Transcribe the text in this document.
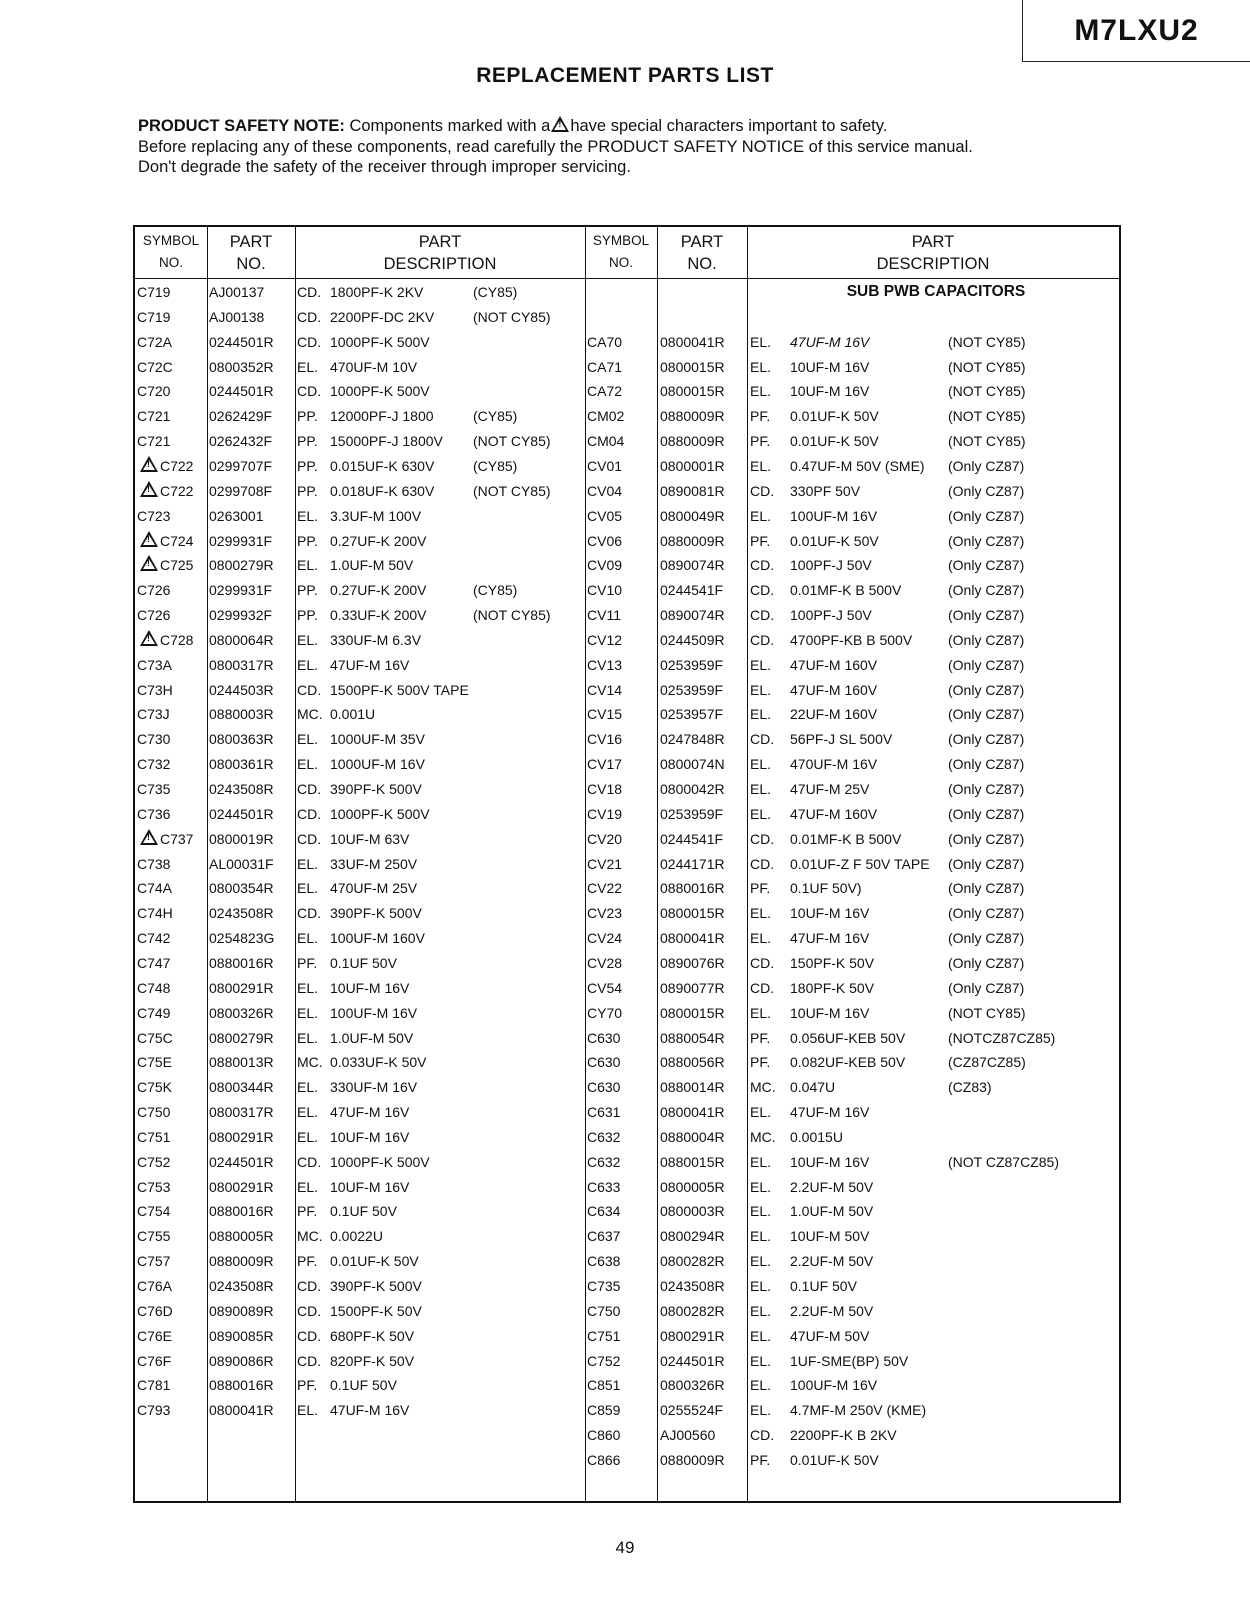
M7LXU2
REPLACEMENT PARTS LIST
PRODUCT SAFETY NOTE: Components marked with a! have special characters important to safety.
Before replacing any of these components, read carefully the PRODUCT SAFETY NOTICE of this service manual.
Don't degrade the safety of the receiver through improper servicing.
SYMBOL
NO.
PART
NO.
PART
DESCRIPTION
SYMBOL
NO.
PART
NO.
PART
DESCRIPTION
SUB PWB CAPACITORS
C719	AJ00137 CD. 1800PF-K 2KV	(CY85)
C719	AJ00138 CD. 2200PF-DC 2KV	(NOT CY85)
C72A	0244501R CD. 1000PF-K 500V
C72C	0800352R EL. 470UF-M 10V
C720	0244501R CD. 1000PF-K 500V
C721	0262429F PP. 12000PF-J 1800	(CY85)
C721	0262432F PP. 15000PF-J 1800V (NOT CY85)
!C722 0299707F PP. 0.015UF-K 630V	(CY85)
!C722 0299708F PP. 0.018UF-K 630V	(NOT CY85)
C723	0263001 EL. 3.3UF-M 100V
!C724 0299931F PP. 0.27UF-K 200V
!C725 0800279R EL. 1.0UF-M 50V
C726	0299931F PP. 0.27UF-K 200V	(CY85)
C726	0299932F PP. 0.33UF-K 200V	(NOT CY85)
!C728 0800064R EL. 330UF-M 6.3V
C73A	0800317R EL. 47UF-M 16V
C73H	0244503R CD. 1500PF-K 500V TAPE
C73J	0880003R MC. 0.001U
C730	0800363R EL. 1000UF-M 35V
C732	0800361R EL. 1000UF-M 16V
C735	0243508R CD. 390PF-K 500V
C736	0244501R CD. 1000PF-K 500V
!C737 0800019R CD. 10UF-M 63V
C738	AL00031F EL. 33UF-M 250V
C74A	0800354R EL. 470UF-M 25V
C74H	0243508R CD. 390PF-K 500V
C742	0254823G EL. 100UF-M 160V
C747	0880016R PF. 0.1UF 50V
C748	0800291R EL. 10UF-M 16V
C749	0800326R EL. 100UF-M 16V
C75C	0800279R EL. 1.0UF-M 50V
C75E	0880013R MC. 0.033UF-K 50V
C75K	0800344R EL. 330UF-M 16V
C750	0800317R EL. 47UF-M 16V
C751	0800291R EL. 10UF-M 16V
C752	0244501R CD. 1000PF-K 500V
C753	0800291R EL. 10UF-M 16V
C754	0880016R PF. 0.1UF 50V
C755	0880005R MC. 0.0022U
C757	0880009R PF. 0.01UF-K 50V
C76A	0243508R CD. 390PF-K 500V
C76D	0890089R CD. 1500PF-K 50V
C76E	0890085R CD. 680PF-K 50V
C76F	0890086R CD. 820PF-K 50V
C781	0880016R PF. 0.1UF 50V
C793	0800041R EL. 47UF-M 16V
CA70	0800041R EL. 47UF-M 16V	(NOT CY85)
CA71	0800015R EL. 10UF-M 16V	(NOT CY85)
CA72	0800015R EL. 10UF-M 16V	(NOT CY85)
CM02	0880009R PF. 0.01UF-K 50V	(NOT CY85)
CM04	0880009R PF. 0.01UF-K 50V	(NOT CY85)
CV01	0800001R EL. 0.47UF-M 50V (SME) (Only CZ87)
CV04	0890081R CD. 330PF 50V	(Only CZ87)
CV05	0800049R EL. 100UF-M 16V	(Only CZ87)
CV06	0880009R PF. 0.01UF-K 50V	(Only CZ87)
CV09	0890074R CD. 100PF-J 50V	(Only CZ87)
CV10	0244541F CD. 0.01MF-K B 500V	(Only CZ87)
CV11	0890074R CD. 100PF-J 50V	(Only CZ87)
CV12	0244509R CD. 4700PF-KB B 500V	(Only CZ87)
CV13	0253959F EL. 47UF-M 160V	(Only CZ87)
CV14	0253959F EL. 47UF-M 160V	(Only CZ87)
CV15	0253957F EL. 22UF-M 160V	(Only CZ87)
CV16	0247848R CD. 56PF-J SL 500V	(Only CZ87)
CV17	0800074N EL. 470UF-M 16V	(Only CZ87)
CV18	0800042R EL. 47UF-M 25V	(Only CZ87)
CV19	0253959F EL. 47UF-M 160V	(Only CZ87)
CV20	0244541F CD. 0.01MF-K B 500V	(Only CZ87)
CV21	0244171R CD. 0.01UF-Z F 50V TAPE (Only CZ87)
CV22	0880016R PF. 0.1UF 50V)	(Only CZ87)
CV23	0800015R EL. 10UF-M 16V	(Only CZ87)
CV24	0800041R EL. 47UF-M 16V	(Only CZ87)
CV28	0890076R CD. 150PF-K 50V	(Only CZ87)
CV54	0890077R CD. 180PF-K 50V	(Only CZ87)
CY70	0800015R EL. 10UF-M 16V	(NOT CY85)
C630	0880054R PF. 0.056UF-KEB 50V	(NOTCZ87CZ85)
C630	0880056R PF. 0.082UF-KEB 50V	(CZ87CZ85)
C630	0880014R MC. 0.047U	(CZ83)
C631	0800041R EL. 47UF-M 16V
C632	0880004R MC. 0.0015U
C632	0880015R EL. 10UF-M 16V	(NOT CZ87CZ85)
C633	0800005R EL. 2.2UF-M 50V
C634	0800003R EL. 1.0UF-M 50V
C637	0800294R EL. 10UF-M 50V
C638	0800282R EL. 2.2UF-M 50V
C735	0243508R EL. 0.1UF 50V
C750	0800282R EL. 2.2UF-M 50V
C751	0800291R EL. 47UF-M 50V
C752	0244501R EL. 1UF-SME(BP) 50V
C851	0800326R EL. 100UF-M 16V
C859	0255524F EL. 4.7MF-M 250V (KME)
C860	AJ00560 CD. 2200PF-K B 2KV
C866	0880009R PF. 0.01UF-K 50V
49
